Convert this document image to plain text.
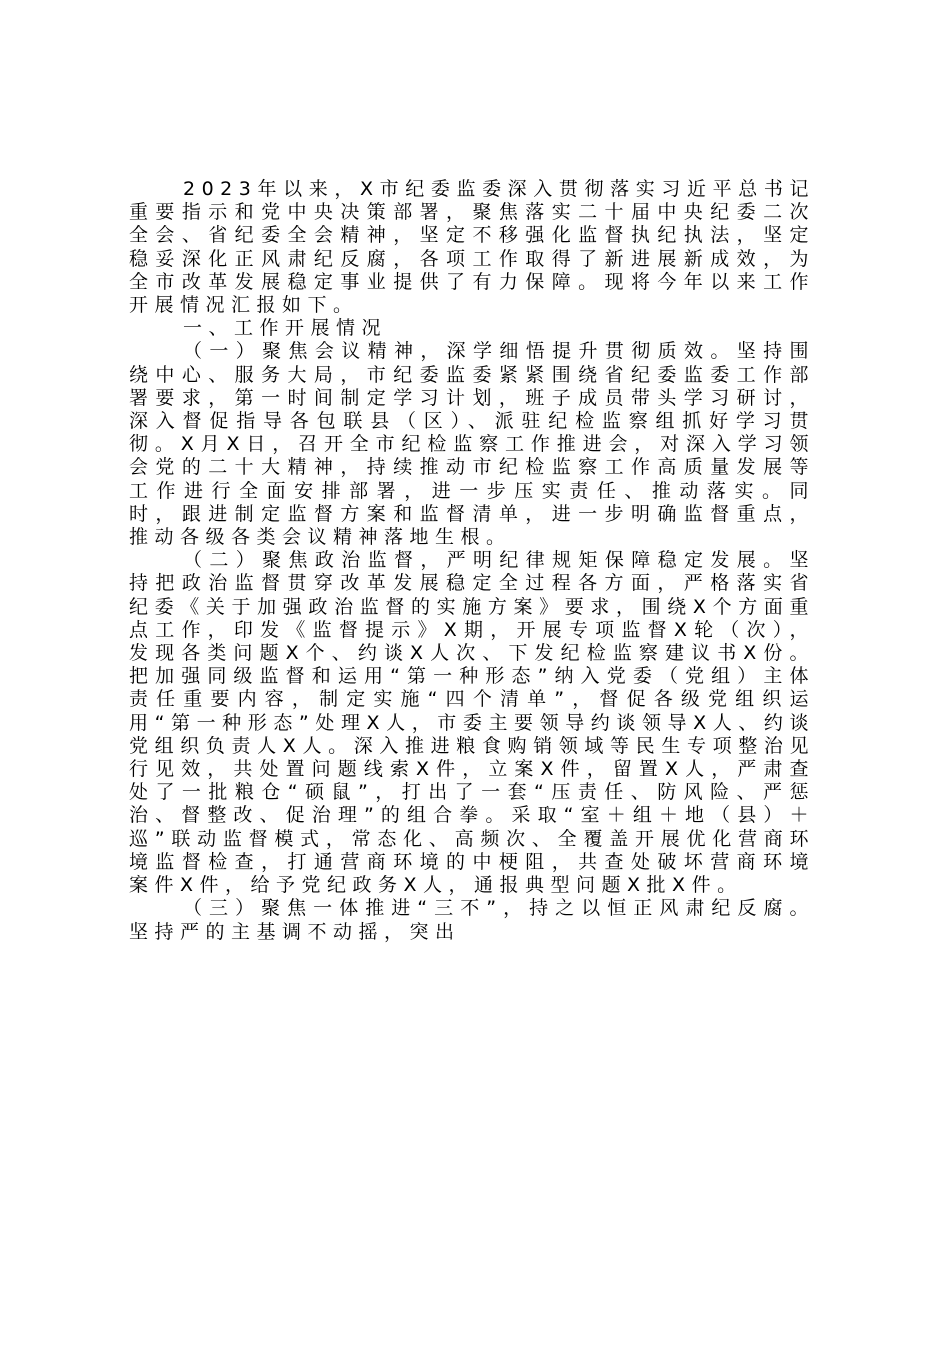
2023年以来，X市纪委监委深入贯彻落实习近平总书记重要指示和党中央决策部署，聚焦落实二十届中央纪委二次全会、省纪委全会精神，坚定不移强化监督执纪执法，坚定稳妥深化正风肃纪反腐，各项工作取得了新进展新成效，为全市改革发展稳定事业提供了有力保障。现将今年以来工作开展情况汇报如下。

一、工作开展情况

（一）聚焦会议精神，深学细悟提升贯彻质效。坚持围绕中心、服务大局，市纪委监委紧紧围绕省纪委监委工作部署要求，第一时间制定学习计划，班子成员带头学习研讨，深入督促指导各包联县（区）、派驻纪检监察组抓好学习贯彻。X月X日，召开全市纪检监察工作推进会，对深入学习领会党的二十大精神，持续推动市纪检监察工作高质量发展等工作进行全面安排部署，进一步压实责任、推动落实。同时，跟进制定监督方案和监督清单，进一步明确监督重点，推动各级各类会议精神落地生根。

（二）聚焦政治监督，严明纪律规矩保障稳定发展。坚持把政治监督贯穿改革发展稳定全过程各方面，严格落实省纪委《关于加强政治监督的实施方案》要求，围绕X个方面重点工作，印发《监督提示》X期，开展专项监督X轮（次），发现各类问题X个、约谈X人次、下发纪检监察建议书X份。把加强同级监督和运用“第一种形态”纳入党委（党组）主体责任重要内容，制定实施“四个清单”，督促各级党组织运用“第一种形态”处理X人，市委主要领导约谈领导X人、约谈党组织负责人X人。深入推进粮食购销领域等民生专项整治见行见效，共处置问题线索X件，立案X件，留置X人，严肃查处了一批粮仓“硕鼠”，打出了一套“压责任、防风险、严惩治、督整改、促治理”的组合拳。采取“室＋组＋地（县）＋巡”联动监督模式，常态化、高频次、全覆盖开展优化营商环境监督检查，打通营商环境的中梗阻，共查处破坏营商环境案件X件，给予党纪政务X人，通报典型问题X批X件。

（三）聚焦一体推进“三不”，持之以恒正风肃纪反腐。坚持严的主基调不动摇，突出
